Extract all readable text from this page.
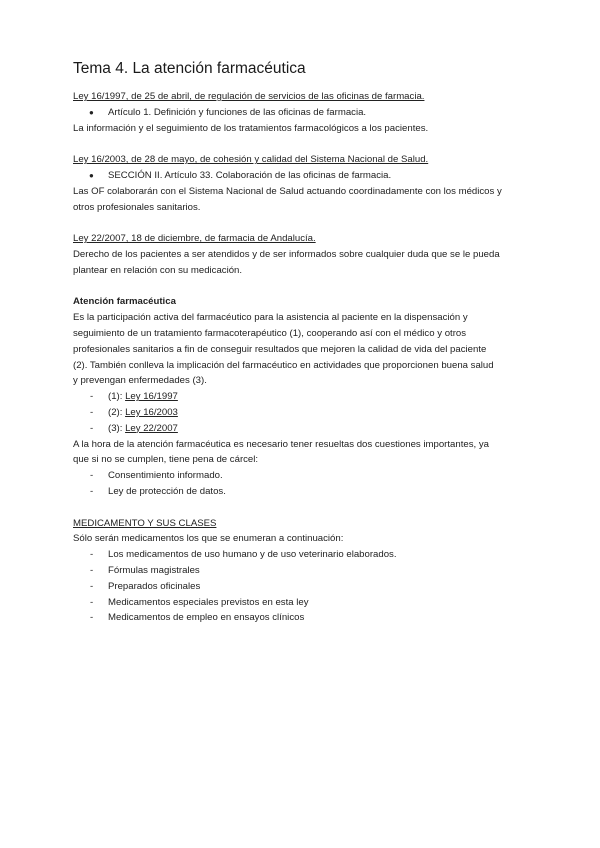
Tema 4. La atención farmacéutica

Ley 16/1997, de 25 de abril, de regulación de servicios de las oficinas de farmacia.

● Artículo 1. Definición y funciones de las oficinas de farmacia.

La información y el seguimiento de los tratamientos farmacológicos a los pacientes.

Ley 16/2003, de 28 de mayo, de cohesión y calidad del Sistema Nacional de Salud.

● SECCIÓN II. Artículo 33. Colaboración de las oficinas de farmacia.

Las OF colaborarán con el Sistema Nacional de Salud actuando coordinadamente con los médicos y

otros profesionales sanitarios.

Ley 22/2007, 18 de diciembre, de farmacia de Andalucía.

Derecho de los pacientes a ser atendidos y de ser informados sobre cualquier duda que se le pueda

plantear en relación con su medicación.

Atención farmacéutica

Es la participación activa del farmacéutico para la asistencia al paciente en la dispensación y

seguimiento de un tratamiento farmacoterapéutico (1), cooperando así con el médico y otros

profesionales sanitarios a fin de conseguir resultados que mejoren la calidad de vida del paciente

(2). También conlleva la implicación del farmacéutico en actividades que proporcionen buena salud

y prevengan enfermedades (3).

- (1): Ley 16/1997
- (2): Ley 16/2003
- (3): Ley 22/2007

A la hora de la atención farmacéutica es necesario tener resueltas dos cuestiones importantes, ya

que si no se cumplen, tiene pena de cárcel:

- Consentimiento informado.
- Ley de protección de datos.

MEDICAMENTO Y SUS CLASES

Sólo serán medicamentos los que se enumeran a continuación:

- Los medicamentos de uso humano y de uso veterinario elaborados.
- Fórmulas magistrales
- Preparados oficinales
- Medicamentos especiales previstos en esta ley
- Medicamentos de empleo en ensayos clínicos
